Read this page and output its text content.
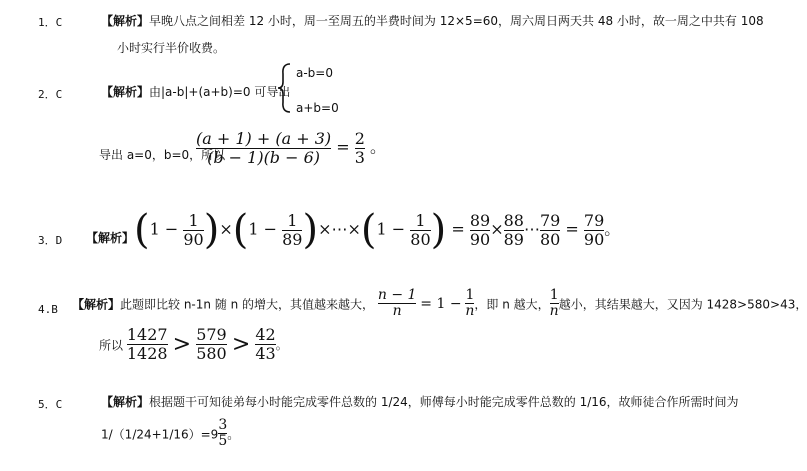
1．C	【解析】早晚八点之间相差 12 小时，周一至周五的半费时间为 12×5=60，周六周日两天共 48 小时，故一周之中共有 108
小时实行半价收费。
2．C	【解析】由|a-b|+(a+b)=0 可导出
a-b=0
a+b=0
导出 a=0，b=0，所以
$\frac{(a + 1) + (a + 3)}{(b - 1)(b - 6)} = \frac{2}{3}$ 。
3．D 【解析】 $(1 - \frac{1}{90} )\times(1 - \frac{1}{89}$ )×⋯×(1 − $\frac{1}{80}$ ) = $\frac{89}{90} \times \frac{88}{89}$ ⋯ $\frac{79}{80} = \frac{79}{90}$ 。
4.B 【解析】此题即比较 n-1n 随 n 的增大，其值越来越大， $\frac{n - 1}{n} = 1 - \frac{1}{n}$ ，即 n 越大， $\frac{1}{n}$ 越小，其结果越大，又因为 1428>580>43，
所以 $\frac{1427}{1428} > \frac{579}{580} > \frac{42}{43}$ 。
5．C	【解析】根据题干可知徒弟每小时能完成零件总数的 1/24，师傅每小时能完成零件总数的 1/16，故师徒合作所需时间为
$1/(1/24+1/16)=9 \frac{3}{5}$ 。
